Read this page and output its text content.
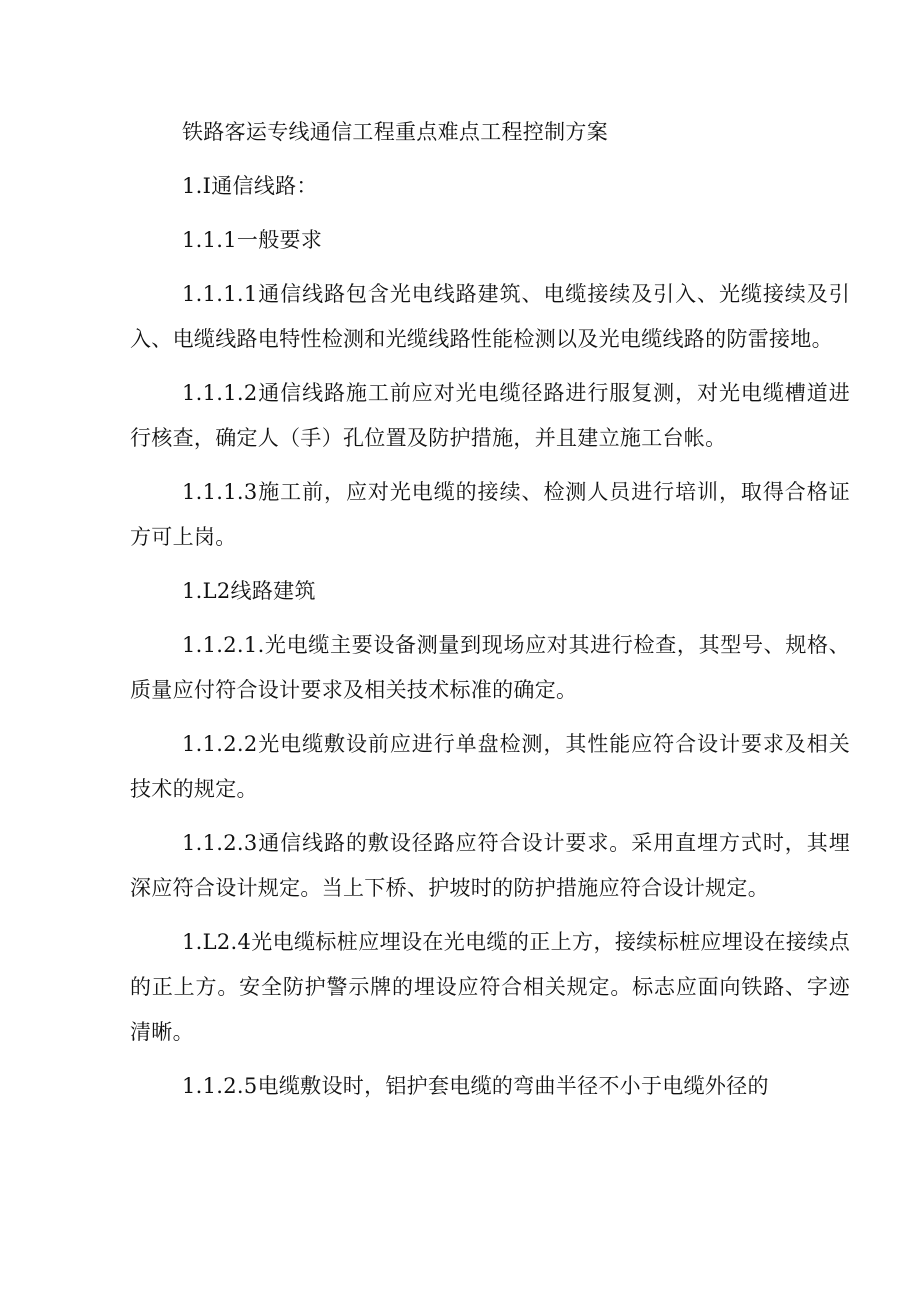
铁路客运专线通信工程重点难点工程控制方案

1.Ⅰ通信线路：

1.1.1一般要求

1.1.1.1通信线路包含光电线路建筑、电缆接续及引入、光缆接续及引入、电缆线路电特性检测和光缆线路性能检测以及光电缆线路的防雷接地。

1.1.1.2通信线路施工前应对光电缆径路进行服复测，对光电缆槽道进行核查，确定人（手）孔位置及防护措施，并且建立施工台帐。

1.1.1.3施工前，应对光电缆的接续、检测人员进行培训，取得合格证方可上岗。

1.L2线路建筑

1.1.2.1.光电缆主要设备测量到现场应对其进行检查，其型号、规格、质量应付符合设计要求及相关技术标准的确定。

1.1.2.2光电缆敷设前应进行单盘检测，其性能应符合设计要求及相关技术的规定。

1.1.2.3通信线路的敷设径路应符合设计要求。采用直埋方式时，其埋深应符合设计规定。当上下桥、护坡时的防护措施应符合设计规定。

1.L2.4光电缆标桩应埋设在光电缆的正上方，接续标桩应埋设在接续点的正上方。安全防护警示牌的埋设应符合相关规定。标志应面向铁路、字迹清晰。

1.1.2.5电缆敷设时，铝护套电缆的弯曲半径不小于电缆外径的
